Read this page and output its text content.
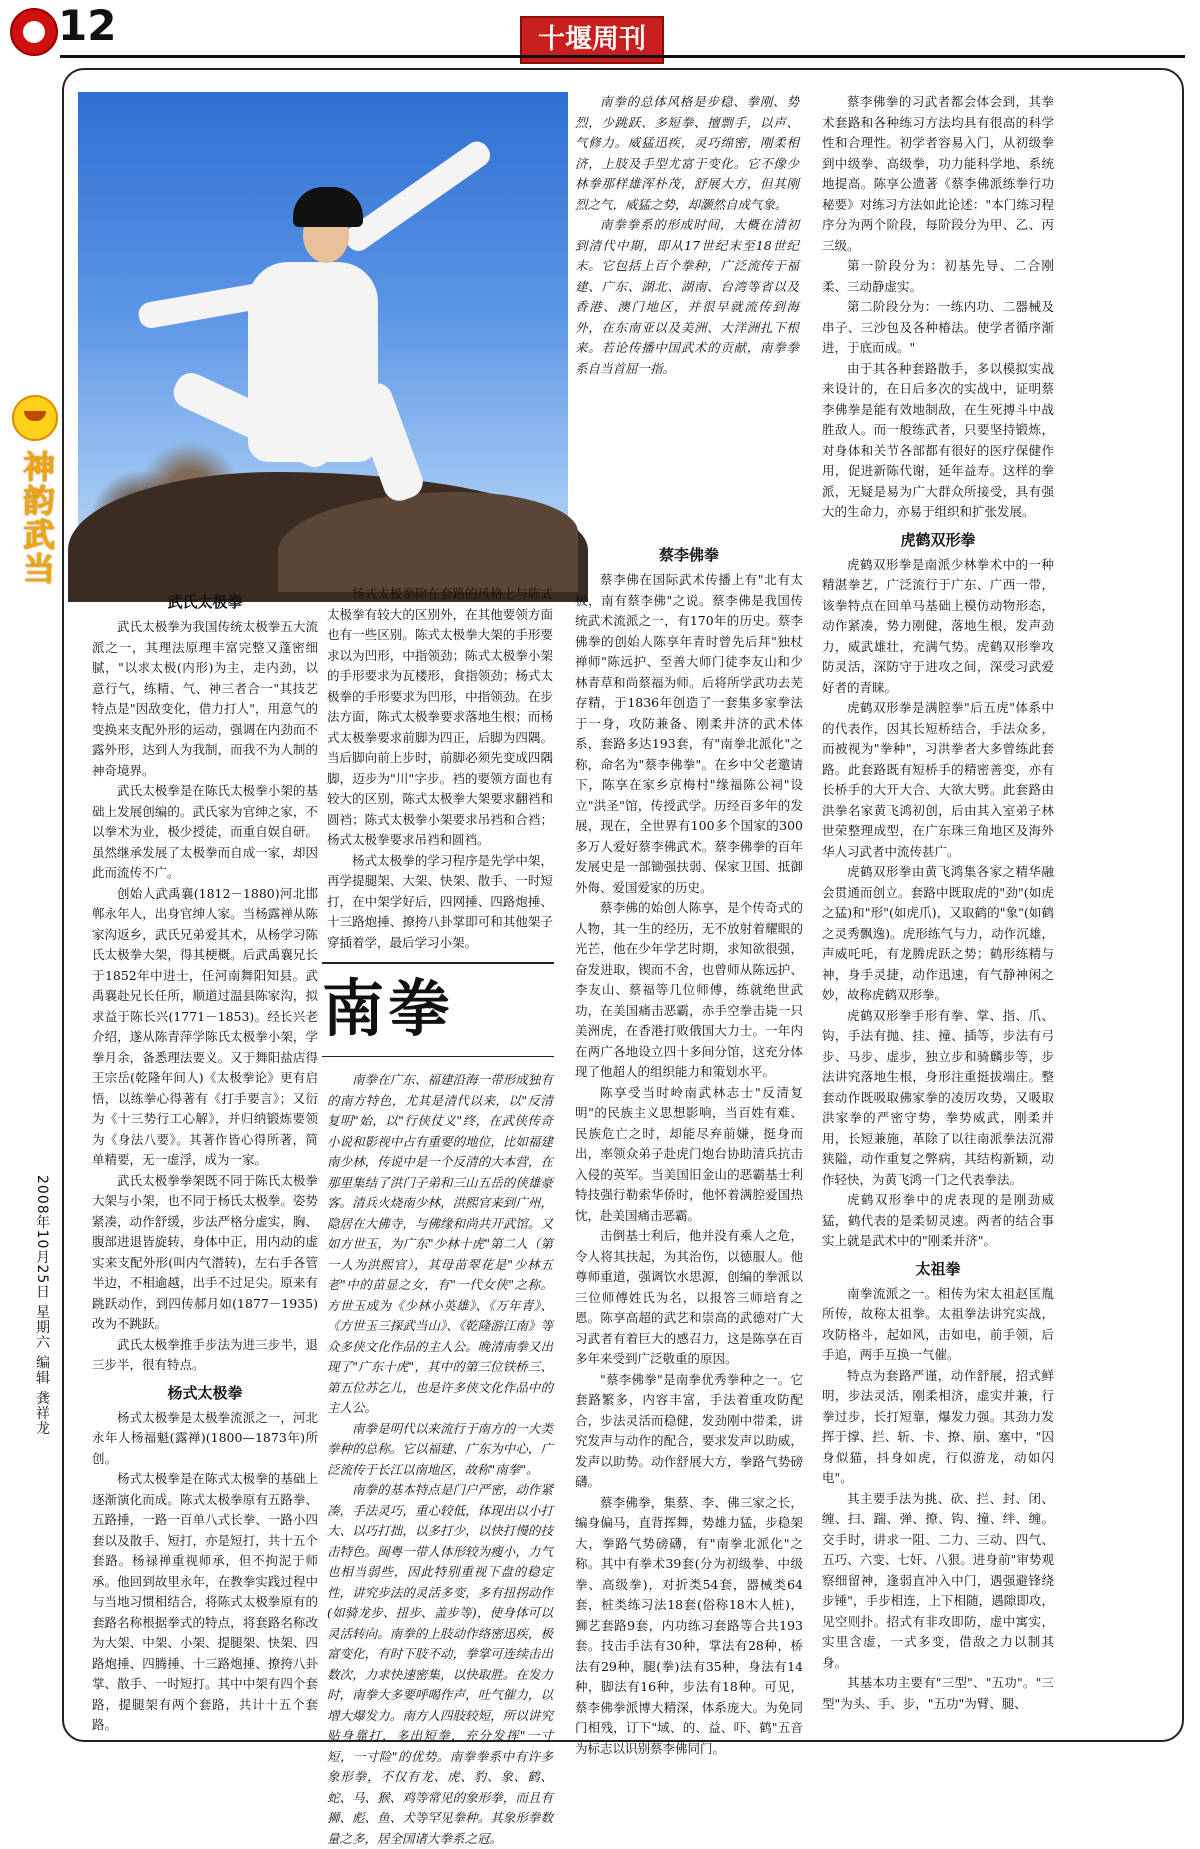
12	十堰周刊
神韵武当
2008年10月25日 星期六 编辑 龚祥龙
武氏太极拳

武氏太极拳为我国传统太极拳五大流派之一，其理法原理丰富完整又蓬密细腻，"以求太极(内形)为主，走内劲，以意行气，练精、气、神三者合一"其技艺特点是"因敌变化，借力打人"，用意气的变换来支配外形的运动，强调在内劲而不露外形，达到人为我制，而我不为人制的神奇境界。

武氏太极拳是在陈氏太极拳小架的基础上发展创编的。武氏家为官绅之家，不以拳术为业，极少授徒，而重自娱自研。虽然继承发展了太极拳而自成一家，却因此而流传不广。

创始人武禹襄(1812－1880)河北邯郸永年人，出身官绅人家。当杨露禅从陈家沟返乡，武氏兄弟爱其术，从杨学习陈氏太极拳大架，得其梗概。后武禹襄兄长于1852年中进士，任河南舞阳知县。武禹襄赴兄长任所，顺道过温县陈家沟，拟求益于陈长兴(1771－1853)。经长兴老介绍，遂从陈青萍学陈氏太极拳小架，学拳月余，备悉理法要义。又于舞阳盐店得王宗岳(乾隆年间人)《太极拳论》更有启悟，以练拳心得著有《打手要言》；又衍为《十三势行工心解》，并归纳锻炼要领为《身法八要》。其著作皆心得所著，简单精要，无一虚浮，成为一家。

武氏太极拳拳架既不同于陈氏太极拳大架与小架，也不同于杨氏太极拳。姿势紧凑，动作舒缓，步法严格分虚实，胸、腹部进退皆旋转，身体中正，用内动的虚实来支配外形(叫内气潜转)，左右手各管半边，不相逾越，出手不过足尖。原来有跳跃动作，到四传郝月如(1877－1935)改为不跳跃。

武氏太极拳推手步法为进三步半，退三步半，很有特点。

杨式太极拳

杨式太极拳是太极拳流派之一，河北永年人杨福魁(露禅)(1800—1873年)所创。

杨式太极拳是在陈式太极拳的基础上逐渐演化而成。陈式太极拳原有五路拳、五路捶，一路一百单八式长拳、一路小四套以及散手、短打，亦是短打，共十五个套路。杨禄禅重视师承，但不拘泥于师承。他回到故里永年，在教拳实践过程中与当地习惯相结合，将陈式太极拳原有的套路名称根据拳式的特点，将套路名称改为大架、中架、小架、提腿架、快架、四路炮捶、四腾捶、十三路炮捶、撩挎八卦掌、散手、一时短打。其中中架有四个套路，提腿架有两个套路，共计十五个套路。

杨式太极拳除在套路的风格上与陈式太极拳有较大的区别外，在其他要领方面也有一些区别。陈式太极拳大架的手形要求以为凹形，中指领劲；陈式太极拳小架的手形要求为瓦楼形，食指领劲；杨式太极拳的手形要求为凹形，中指领劲。在步法方面，陈式太极拳要求落地生根；而杨式太极拳要求前脚为四正，后脚为四隅。当后脚向前上步时，前脚必须先变成四隅脚，迈步为"川"字步。裆的要领方面也有较大的区别，陈式太极拳大架要求翻裆和圆裆；陈式太极拳小架要求吊裆和合裆；杨式太极拳要求吊裆和圆裆。

杨式太极拳的学习程序是先学中架，再学提腿架、大架、快架、散手、一时短打，在中架学好后，四网捶、四路炮捶、十三路炮捶、撩挎八卦掌即可和其他架子穿插着学，最后学习小架。

南拳

南拳在广东、福建沿海一带形成独有的南方特色，尤其是清代以来，以"反清复明"始，以"行侠仗义"终，在武侠传奇小说和影视中占有重要的地位，比如福建南少林，传说中是一个反清的大本营，在那里集结了洪门子弟和三山五岳的侠雄豪客。清兵火烧南少林，洪熙官来到广州，隐居在大佛寺，与佛缘和尚共开武馆。又如方世玉，为广东"少林十虎"第二人（第一人为洪熙官），其母苗翠花是"少林五老"中的苗显之女，有"一代女侠"之称。方世玉成为《少林小英雄》、《万年青》、《方世玉三探武当山》、《乾隆游江南》等众多侠文化作品的主人公。晚清南拳又出现了"广东十虎"，其中的第三位铁桥三、第五位苏乞儿，也是许多侠文化作品中的主人公。

南拳是明代以来流行于南方的一大类拳种的总称。它以福建、广东为中心，广泛流传于长江以南地区，故称"南拳"。

南拳的基本特点是门户严密，动作紧凑，手法灵巧，重心较低，体现出以小打大、以巧打拙，以多打少，以快打慢的技击特色。闽粤一带人体形较为瘦小，力气也相当弱些，因此特别重视下盘的稳定性，讲究步法的灵活多变，多有扭拐动作(如骑龙步、扭步、盖步等)，使身体可以灵活转向。南拳的上肢动作络密迅疾，极富变化，有时下肢不动，拳掌可连续击出数次，力求快速密集，以快取胜。在发力时，南拳大多要呼喝作声，吐气催力，以增大爆发力。南方人四肢较短，所以讲究贴身靠打，多出短拳，充分发挥"一寸短，一寸险"的优势。南拳拳系中有许多象形拳，不仅有龙、虎、豹、象、鹤、蛇、马、猴、鸡等常见的象形拳，而且有狮、彪、鱼、犬等罕见拳种。其象形拳数量之多，居全国诸大拳系之冠。

南拳的总体风格是步稳、拳刚、势烈，少跳跃、多短拳、擅剽手，以声、气修力。威猛迅疾，灵巧绵密，刚柔相济，上肢及手型尤富于变化。它不像少林拳那样雄浑朴茂，舒展大方，但其刚烈之气，威猛之势，却灏然自成气象。

南拳拳系的形成时间，大概在清初到清代中期，即从17世纪末至18世纪末。它包括上百个拳种，广泛流传于福建、广东、湖北、湖南、台湾等省以及香港、澳门地区，并很早就流传到海外，在东南亚以及美洲、大洋洲扎下根来。若论传播中国武术的贡献，南拳拳系自当首屈一指。

蔡李佛拳

蔡李佛在国际武术传播上有"北有太极，南有蔡李佛"之说。蔡李佛是我国传统武术流派之一，有170年的历史。蔡李佛拳的创始人陈享年青时曾先后拜"独杖禅师"陈远护、至善大师门徒李友山和少林青草和尚蔡福为师。后将所学武功去芜存精，于1836年创造了一套集多家拳法于一身，攻防兼备、刚柔并济的武术体系，套路多达193套，有"南拳北派化"之称，命名为"蔡李佛拳"。在乡中父老邀请下，陈享在家乡京梅村"缘福陈公祠"设立"洪圣"馆，传授武学。历经百多年的发展，现在，全世界有100多个国家的300多万人爱好蔡李佛武术。蔡李佛拳的百年发展史是一部锄强扶弱、保家卫国、抵御外侮、爱国爱家的历史。

蔡李佛的始创人陈享，是个传奇式的人物，其一生的经历，无不放射着耀眼的光芒，他在少年学艺时期，求知欲很强，奋发进取，锲而不舍，也曾师从陈远护、李友山、蔡福等几位师傅，练就绝世武功，在美国痛击恶霸，赤手空拳击毙一只美洲虎，在香港打败俄国大力士。一年内在两广各地设立四十多间分馆，这充分体现了他超人的组织能力和策划水平。

陈享受当时岭南武林志士"反清复明"的民族主义思想影响，当百姓有难、民族危亡之时，却能尽弃前嫌，挺身而出，率领众弟子赴虎门炮台协助清兵抗击入侵的英军。当美国旧金山的恶霸基士利特技强行勒索华侨时，他怀着满腔爱国热忱，赴美国痛击恶霸。

击倒基士利后，他并没有乘人之危，令人将其扶起，为其治伤，以德服人。他尊师重道，强调饮水思源，创编的拳派以三位师傅姓氏为名，以报答三师培育之恩。陈享高超的武艺和崇高的武德对广大习武者有着巨大的感召力，这是陈享在百多年来受到广泛敬重的原因。

"蔡李佛拳"是南拳优秀拳种之一。它套路繁多，内容丰富，手法着重攻防配合，步法灵活而稳健，发劲刚中带柔，讲究发声与动作的配合，要求发声以助威，发声以助势。动作舒展大方，拳路气势磅礴。

蔡李佛拳，集蔡、李、佛三家之长，编身偏马，直背挥舞，势雄力猛，步稳架大，拳路气势磅礴，有"南拳北派化"之称。其中有拳术39套(分为初级拳、中级拳、高级拳)，对折类54套，器械类64套，桩类练习法18套(俗称18木人桩)，狮艺套路9套，内功练习套路等合共193套。技击手法有30种，掌法有28种，桥法有29种，腿(拳)法有35种，身法有14种，脚法有16种，步法有18种。可见，蔡李佛拳派博大精深，体系庞大。为免同门相残，订下"域、的、益、吓、鹤"五音为标志以识别蔡李佛同门。

蔡李佛拳的习武者都会体会到，其拳术套路和各种练习方法均具有很高的科学性和合理性。初学者容易入门，从初级拳到中级拳、高级拳，功力能科学地、系统地提高。陈享公遗著《蔡李佛派练拳行功秘要》对练习方法如此论述："本门练习程序分为两个阶段，每阶段分为甲、乙、丙三级。

第一阶段分为：初基先导、二合刚柔、三动静虚实。

第二阶段分为：一练内功、二器械及串子、三沙包及各种椿法。使学者循序渐进，于底而成。"

由于其各种套路散手，多以模拟实战来设计的，在日后多次的实战中，证明蔡李佛拳是能有效地制敌，在生死搏斗中战胜敌人。而一般练武者，只要坚持锻炼，对身体和关节各部都有很好的医疗保健作用，促进新陈代谢，延年益寿。这样的拳派，无疑是易为广大群众所接受，具有强大的生命力，亦易于组织和扩张发展。

虎鹤双形拳

虎鹤双形拳是南派少林拳术中的一种精湛拳艺，广泛流行于广东、广西一带，该拳特点在回单马基础上模仿动物形态，动作紧凑，势力刚健，落地生根，发声劲力，威武雄壮，充满气势。虎鹤双形拳攻防灵活，深防守于进攻之间，深受习武爱好者的青睐。

虎鹤双形拳是满腔拳"后五虎"体系中的代表作，因其长短桥结合，手法众多，而被视为"拳种"，习洪拳者大多曾练此套路。此套路既有短桥手的精密善变，亦有长桥手的大开大合、大欲大劈。此套路由洪拳名家黄飞鸿初创，后由其入室弟子林世荣整理成型，在广东珠三角地区及海外华人习武者中流传甚广。

虎鹤双形拳由黄飞鸿集各家之精华融会贯通而创立。套路中既取虎的"劲"(如虎之猛)和"形"(如虎爪)，又取鹤的"象"(如鹤之灵秀飘逸)。虎形练气与力，动作沉雄，声威吒吒，有龙腾虎跃之势；鹤形练精与神，身手灵捷，动作迅速，有气静神闲之妙，故称虎鹤双形拳。

虎鹤双形拳手形有拳、掌、指、爪、钩，手法有抛、挂、撞、插等，步法有弓步、马步、虚步，独立步和骑麟步等，步法讲究落地生根，身形注重挺拔端庄。整套动作既吸取佛家拳的凌厉攻势，又吸取洪家拳的严密守势，拳势威武，刚柔并用，长短兼施，革除了以往南派拳法沉滞狭隘，动作重复之弊病，其结构新颖，动作轻快，为黄飞鸿一门之代表拳法。

虎鹤双形拳中的虎表现的是刚劲威猛，鹤代表的是柔韧灵速。两者的结合事实上就是武术中的"刚柔并济"。

太祖拳

南拳流派之一。相传为宋太祖赵匡胤所传，故称太祖拳。太祖拳法讲究实战，攻防格斗，起如风，击如电，前手领，后手追，两手互换一气催。

特点为套路严谨，动作舒展，招式鲜明，步法灵活，刚柔相济，虚实并兼，行拳过步，长打短靠，爆发力强。其劲力发挥于撑、拦、斩、卡、撩、崩、塞中，"囚身似猫，抖身如虎，行似游龙，动如闪电"。

其主要手法为挑、砍、拦、封、闭、缠、扫、踹、弹、撩、钩、撞、绊、缠。交手时，讲求一阻、二力、三动、四气、五巧、六变、七奸、八狠。进身前"审势观察细留神，逢弱直冲入中门，遇强避锋绕步锤"，手步相连，上下相随，遇隙即攻，见空则扑。招式有非攻即防，虚中寓实，实里含虚，一式多变，借敌之力以制其身。

其基本功主要有"三型"、"五功"。"三型"为头、手、步，"五功"为臂、腿、
